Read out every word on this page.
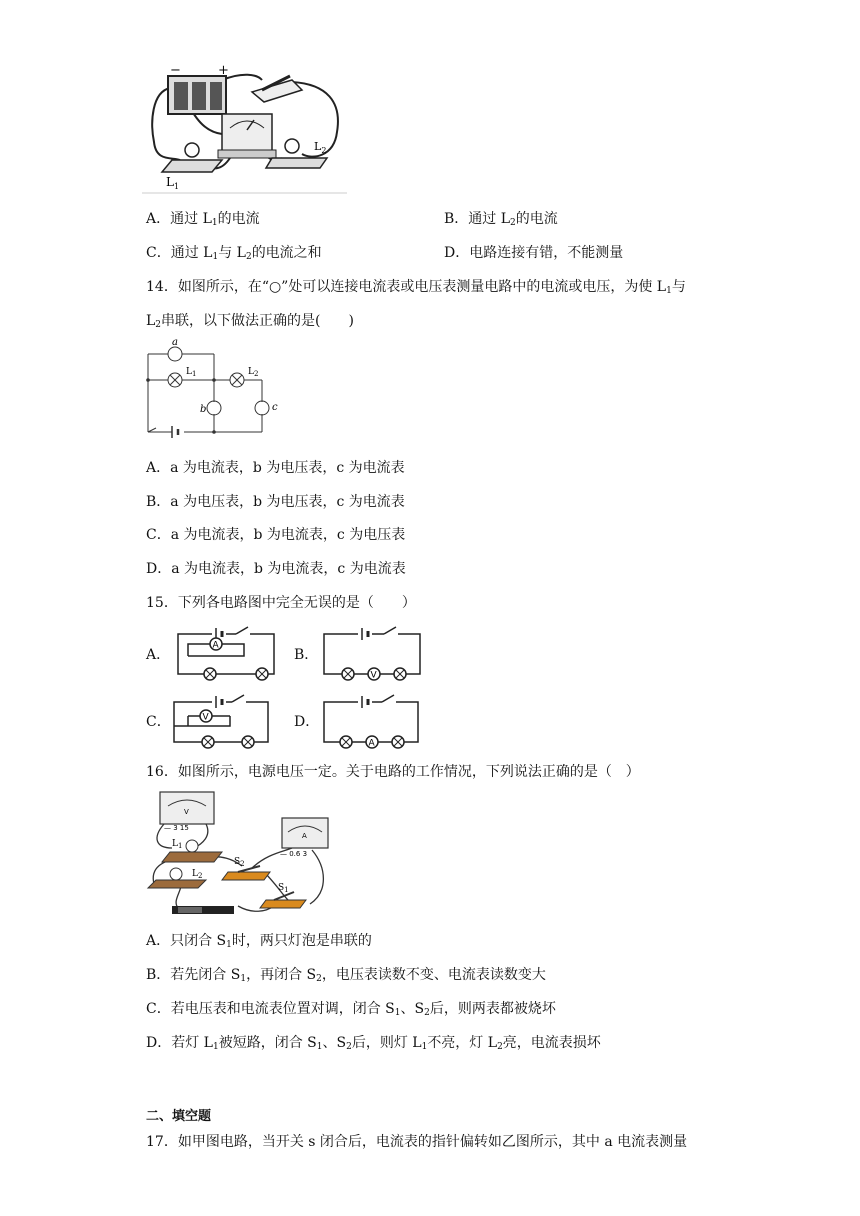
−	+
$L_1$
$L_2$
A．通过 $L_1$的电流	B．通过 $L_2$的电流
C．通过 $L_1$与 $L_2$的电流之和	D．电路连接有错，不能测量
14．如图所示，在“○”处可以连接电流表或电压表测量电路中的电流或电压，为使 $L_1$与
$L_2$串联，以下做法正确的是(　　)
a
$L_1$	$L_2$
b	c
A．a 为电流表，b 为电压表，c 为电流表
B．a 为电压表，b 为电压表，c 为电流表
C．a 为电流表，b 为电流表，c 为电压表
D．a 为电流表，b 为电流表，c 为电流表
15．下列各电路图中完全无误的是（　　）
A．
A
B．
V
C．	V	D．
A
16．如图所示，电源电压一定。关于电路的工作情况，下列说法正确的是（　）
V
— 3 15
A
— 0.6 3
$L_1$
$L_2$
$S_2$
$S_1$
A．只闭合 $S_1$时，两只灯泡是串联的
B．若先闭合 $S_1$，再闭合 $S_2$，电压表读数不变、电流表读数变大
C．若电压表和电流表位置对调，闭合 $S_1$、$S_2$后，则两表都被烧坏
D．若灯 $L_1$被短路，闭合 $S_1$、$S_2$后，则灯 $L_1$不亮，灯 $L_2$亮，电流表损坏
二、填空题
17．如甲图电路，当开关 s 闭合后，电流表的指针偏转如乙图所示，其中 a 电流表测量
